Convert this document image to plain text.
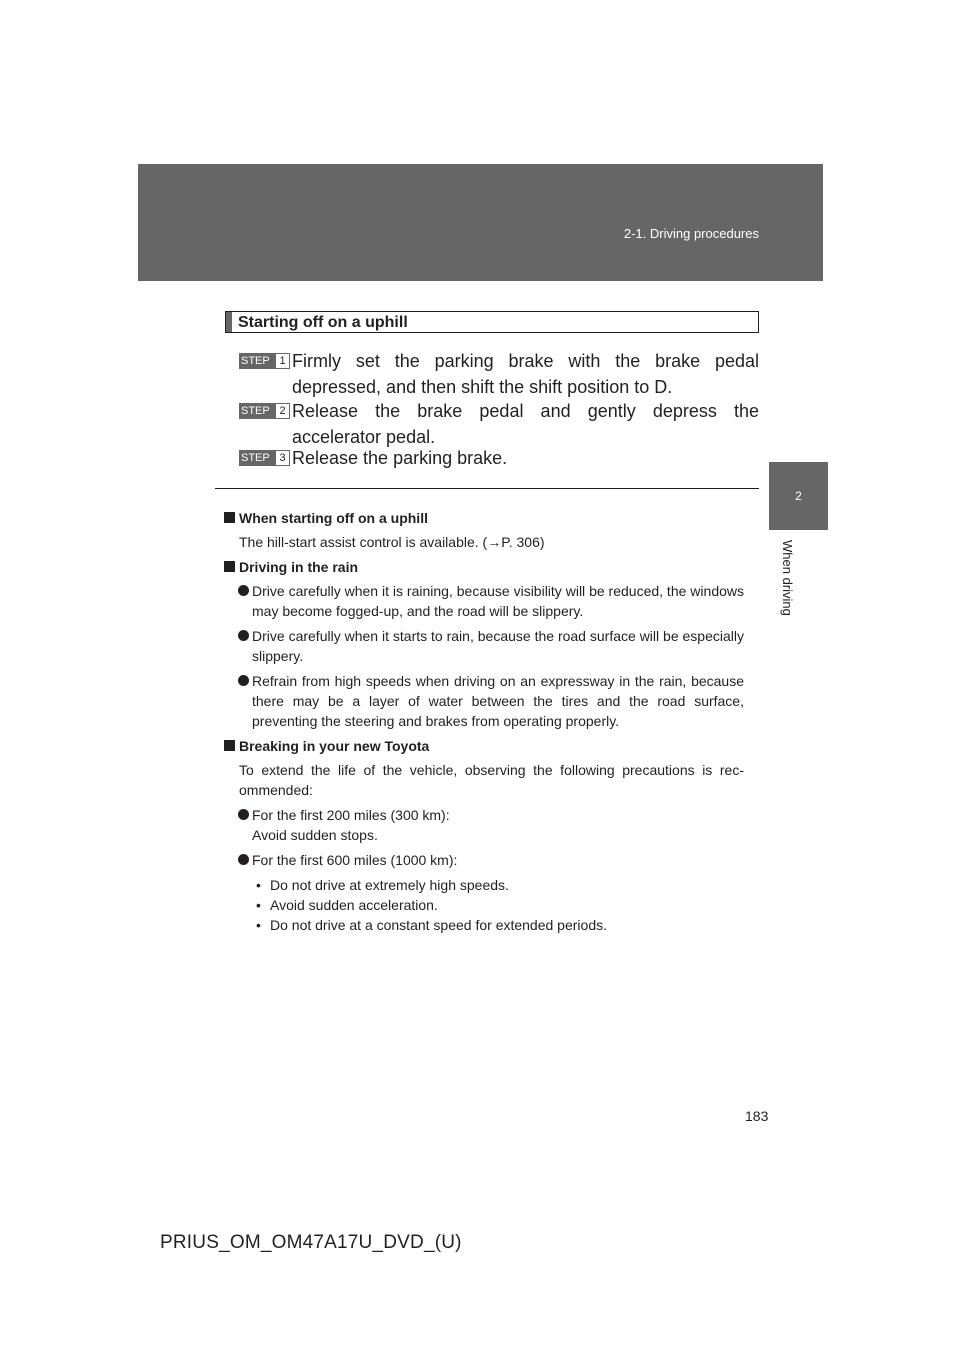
2-1. Driving procedures
2
When driving
Starting off on a uphill
STEP 1 Firmly set the parking brake with the brake pedal depressed, and then shift the shift position to D.
STEP 2 Release the brake pedal and gently depress the accelerator pedal.
STEP 3 Release the parking brake.
When starting off on a uphill
The hill-start assist control is available. (→P. 306)
Driving in the rain
Drive carefully when it is raining, because visibility will be reduced, the windows may become fogged-up, and the road will be slippery.
Drive carefully when it starts to rain, because the road surface will be especially slippery.
Refrain from high speeds when driving on an expressway in the rain, because there may be a layer of water between the tires and the road surface, preventing the steering and brakes from operating properly.
Breaking in your new Toyota
To extend the life of the vehicle, observing the following precautions is rec-ommended:
For the first 200 miles (300 km):
Avoid sudden stops.
For the first 600 miles (1000 km):
• Do not drive at extremely high speeds.
• Avoid sudden acceleration.
• Do not drive at a constant speed for extended periods.
183
PRIUS_OM_OM47A17U_DVD_(U)
